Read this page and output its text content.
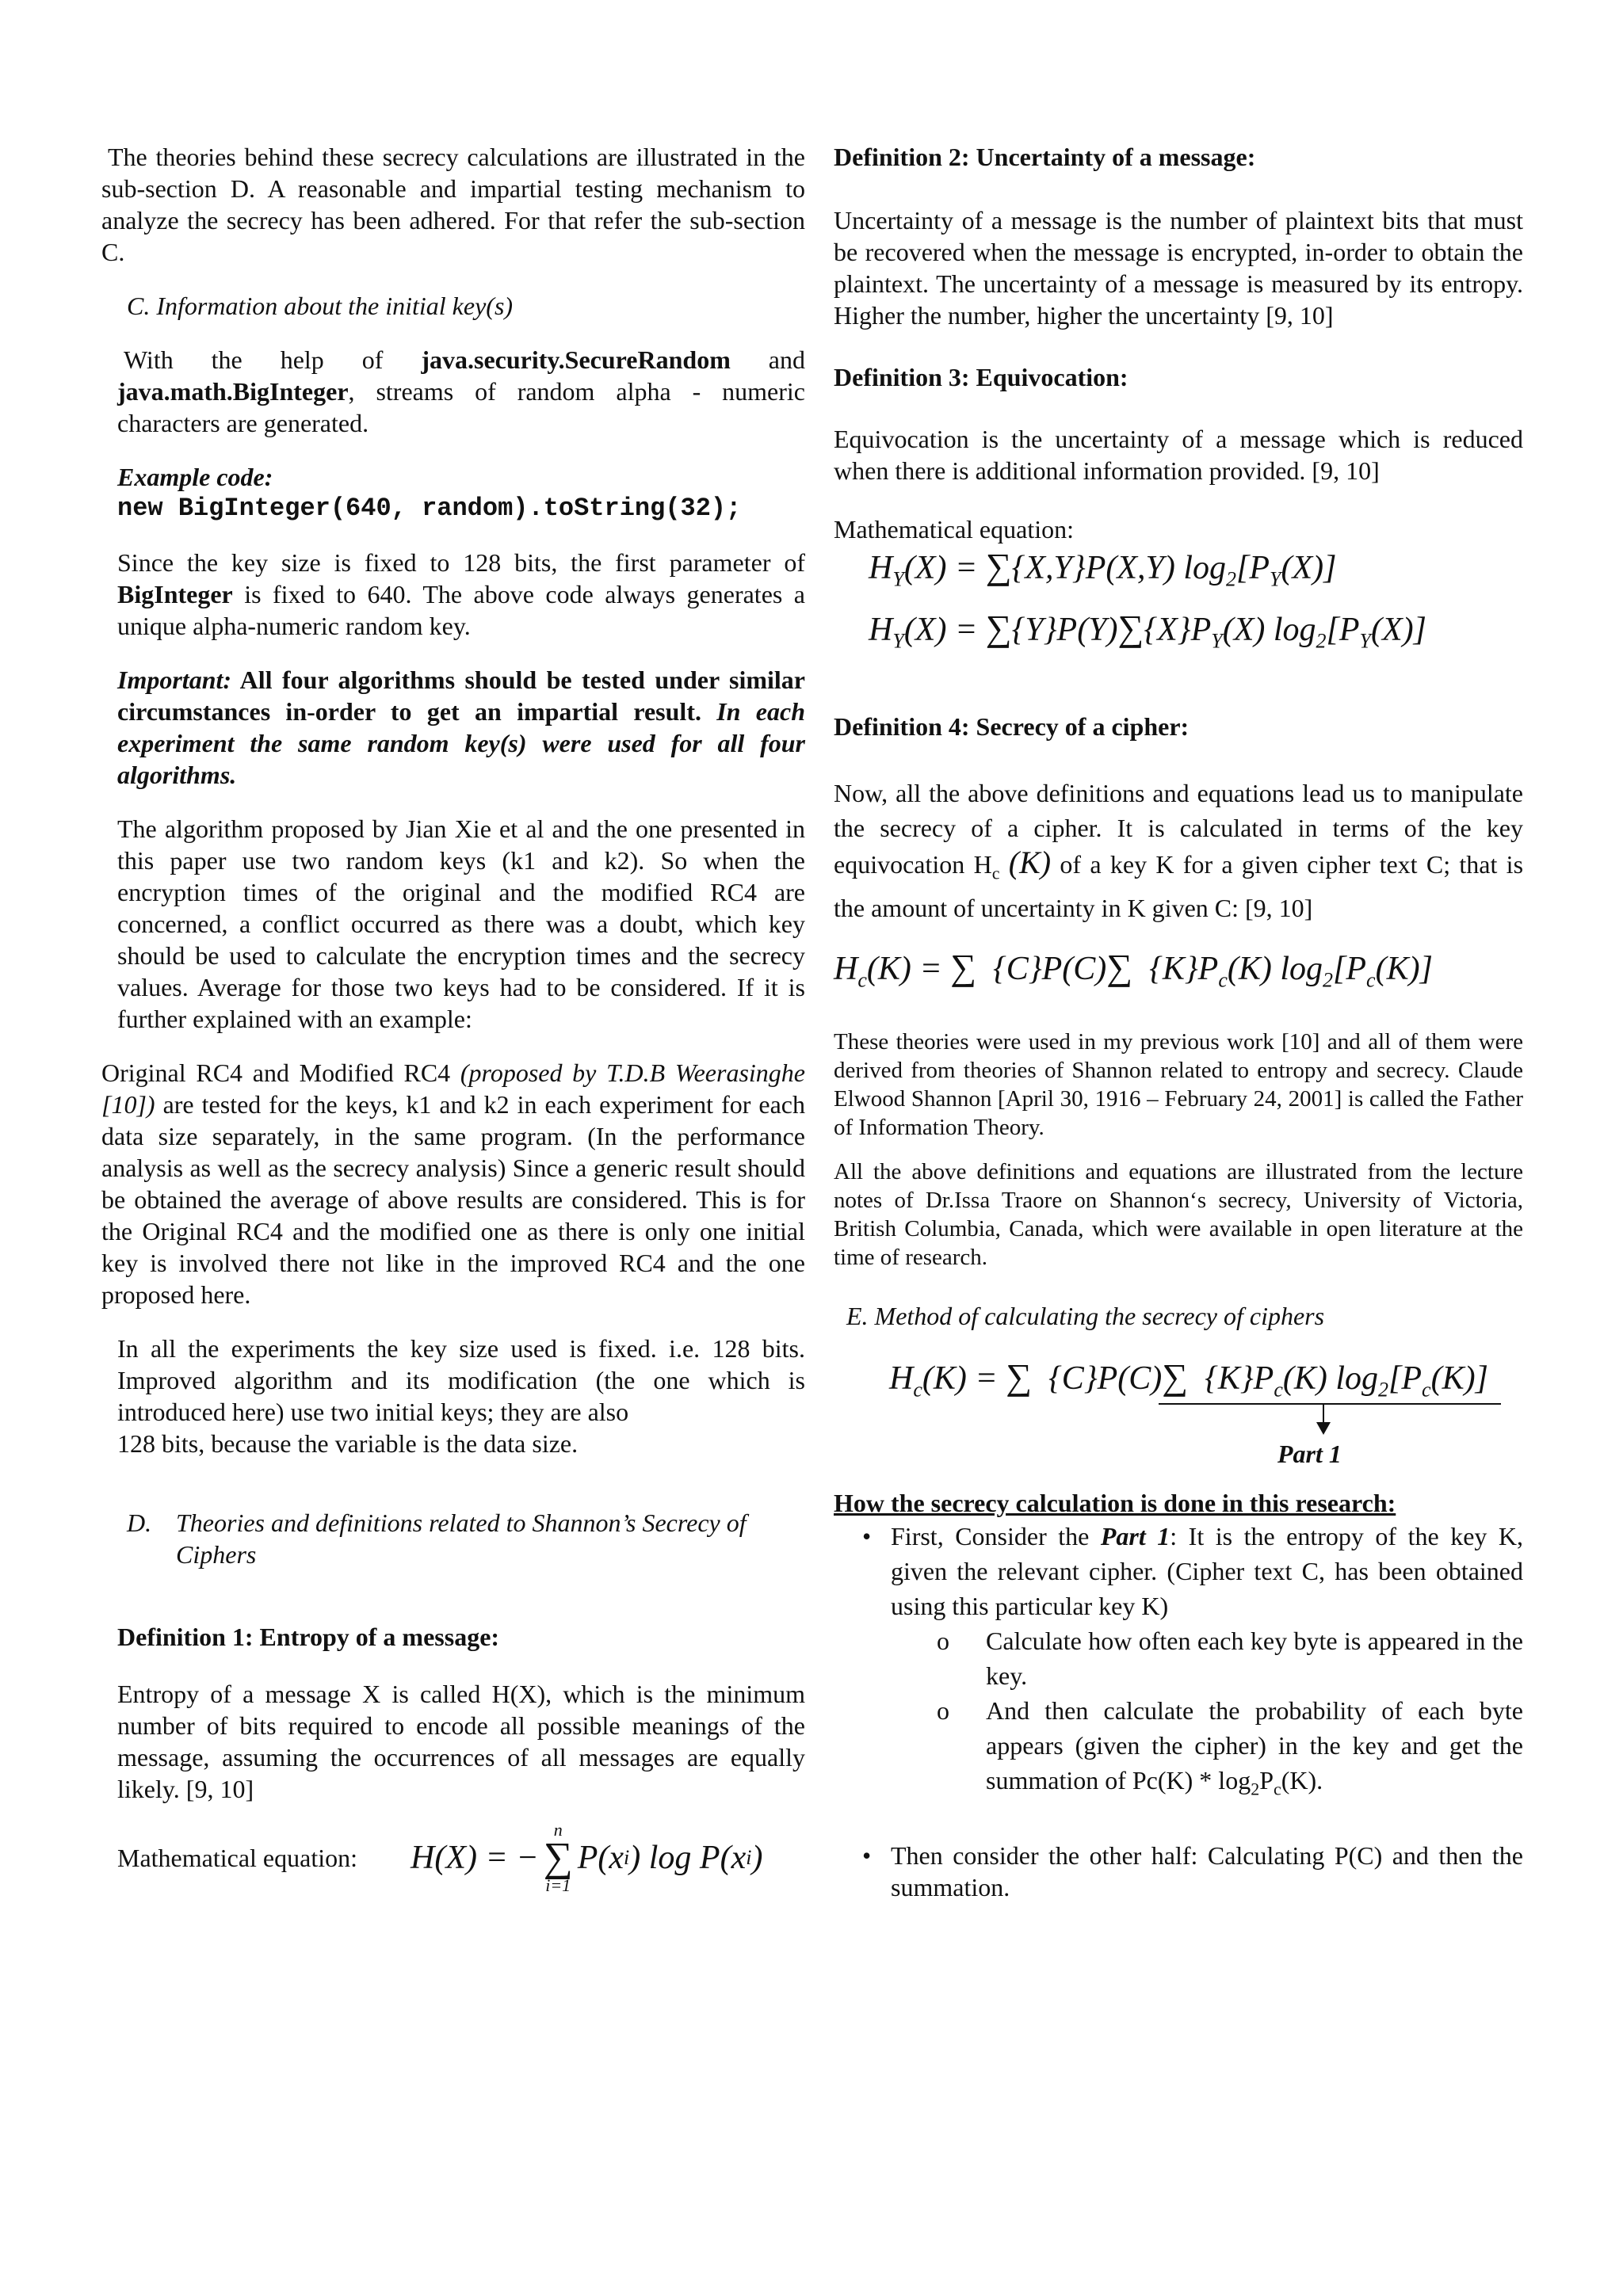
The theories behind these secrecy calculations are illustrated in the sub-section D. A reasonable and impartial testing mechanism to analyze the secrecy has been adhered. For that refer the sub-section C.

C. Information about the initial key(s)

With the help of java.security.SecureRandom and java.math.BigInteger, streams of random alpha - numeric characters are generated.

Example code:
new BigInteger(640, random).toString(32);

Since the key size is fixed to 128 bits, the first parameter of BigInteger is fixed to 640. The above code always generates a unique alpha-numeric random key.

Important: All four algorithms should be tested under similar circumstances in-order to get an impartial result. In each experiment the same random key(s) were used for all four algorithms.

The algorithm proposed by Jian Xie et al and the one presented in this paper use two random keys (k1 and k2). So when the encryption times of the original and the modified RC4 are concerned, a conflict occurred as there was a doubt, which key should be used to calculate the encryption times and the secrecy values. Average for those two keys had to be considered. If it is further explained with an example:

Original RC4 and Modified RC4 (proposed by T.D.B Weerasinghe [10]) are tested for the keys, k1 and k2 in each experiment for each data size separately, in the same program. (In the performance analysis as well as the secrecy analysis) Since a generic result should be obtained the average of above results are considered. This is for the Original RC4 and the modified one as there is only one initial key is involved there not like in the improved RC4 and the one proposed here.

In all the experiments the key size used is fixed. i.e. 128 bits. Improved algorithm and its modification (the one which is introduced here) use two initial keys; they are also
128 bits, because the variable is the data size.

D. Theories and definitions related to Shannon’s Secrecy of Ciphers

Definition 1: Entropy of a message:

Entropy of a message X is called H(X), which is the minimum number of bits required to encode all possible meanings of the message, assuming the occurrences of all messages are equally likely. [9, 10]

Mathematical equation:	H(X) = −
n
∑
i=1
P(x i ) log P(x i )

Definition 2: Uncertainty of a message:

Uncertainty of a message is the number of plaintext bits that must be recovered when the message is encrypted, in-order to obtain the plaintext. The uncertainty of a message is measured by its entropy. Higher the number, higher the uncertainty [9, 10]

Definition 3: Equivocation:

Equivocation is the uncertainty of a message which is reduced when there is additional information provided. [9, 10]

Mathematical equation:

$H_Y(X) = \sum\{X,Y\}P(X,Y)$ $\log_2[P_Y(X)]$
$H_Y(X) = \sum\{Y\}P(Y)\sum\{X\}P_Y(X)$ $\log_2[P_Y(X)]$

Definition 4: Secrecy of a cipher:

Now, all the above definitions and equations lead us to manipulate the secrecy of a cipher. It is calculated in terms of the key equivocation $H_c$ (K) of a key K for a given cipher text C; that is the amount of uncertainty in K given C: [9, 10]

$H_c(K)$ = ∑  {C}P(C)∑  $\{K\}P_c(K)$ $\log_2[P_c(K)]$

These theories were used in my previous work [10] and all of them were derived from theories of Shannon related to entropy and secrecy. Claude Elwood Shannon [April 30, 1916 – February 24, 2001] is called the Father of Information Theory.

All the above definitions and equations are illustrated from the lecture notes of Dr.Issa Traore on Shannon‘s secrecy, University of Victoria, British Columbia, Canada, which were available in open literature at the time of research.

E. Method of calculating the secrecy of ciphers

$H_c(K)$ = ∑  {C}P(C)∑  $\{K\}P_c(K)$ $\log_2[P_c(K)]$
Part 1

How the secrecy calculation is done in this research:

• First, Consider the Part 1: It is the entropy of the key K, given the relevant cipher. (Cipher text C, has been obtained using this particular key K)

o	Calculate how often each key byte is appeared in the key.

o	And then calculate the probability of each byte appears (given the cipher) in the key and get the summation of $Pc(K) * \log_2P_c(K)$.

• Then consider the other half: Calculating P(C) and then the summation.
